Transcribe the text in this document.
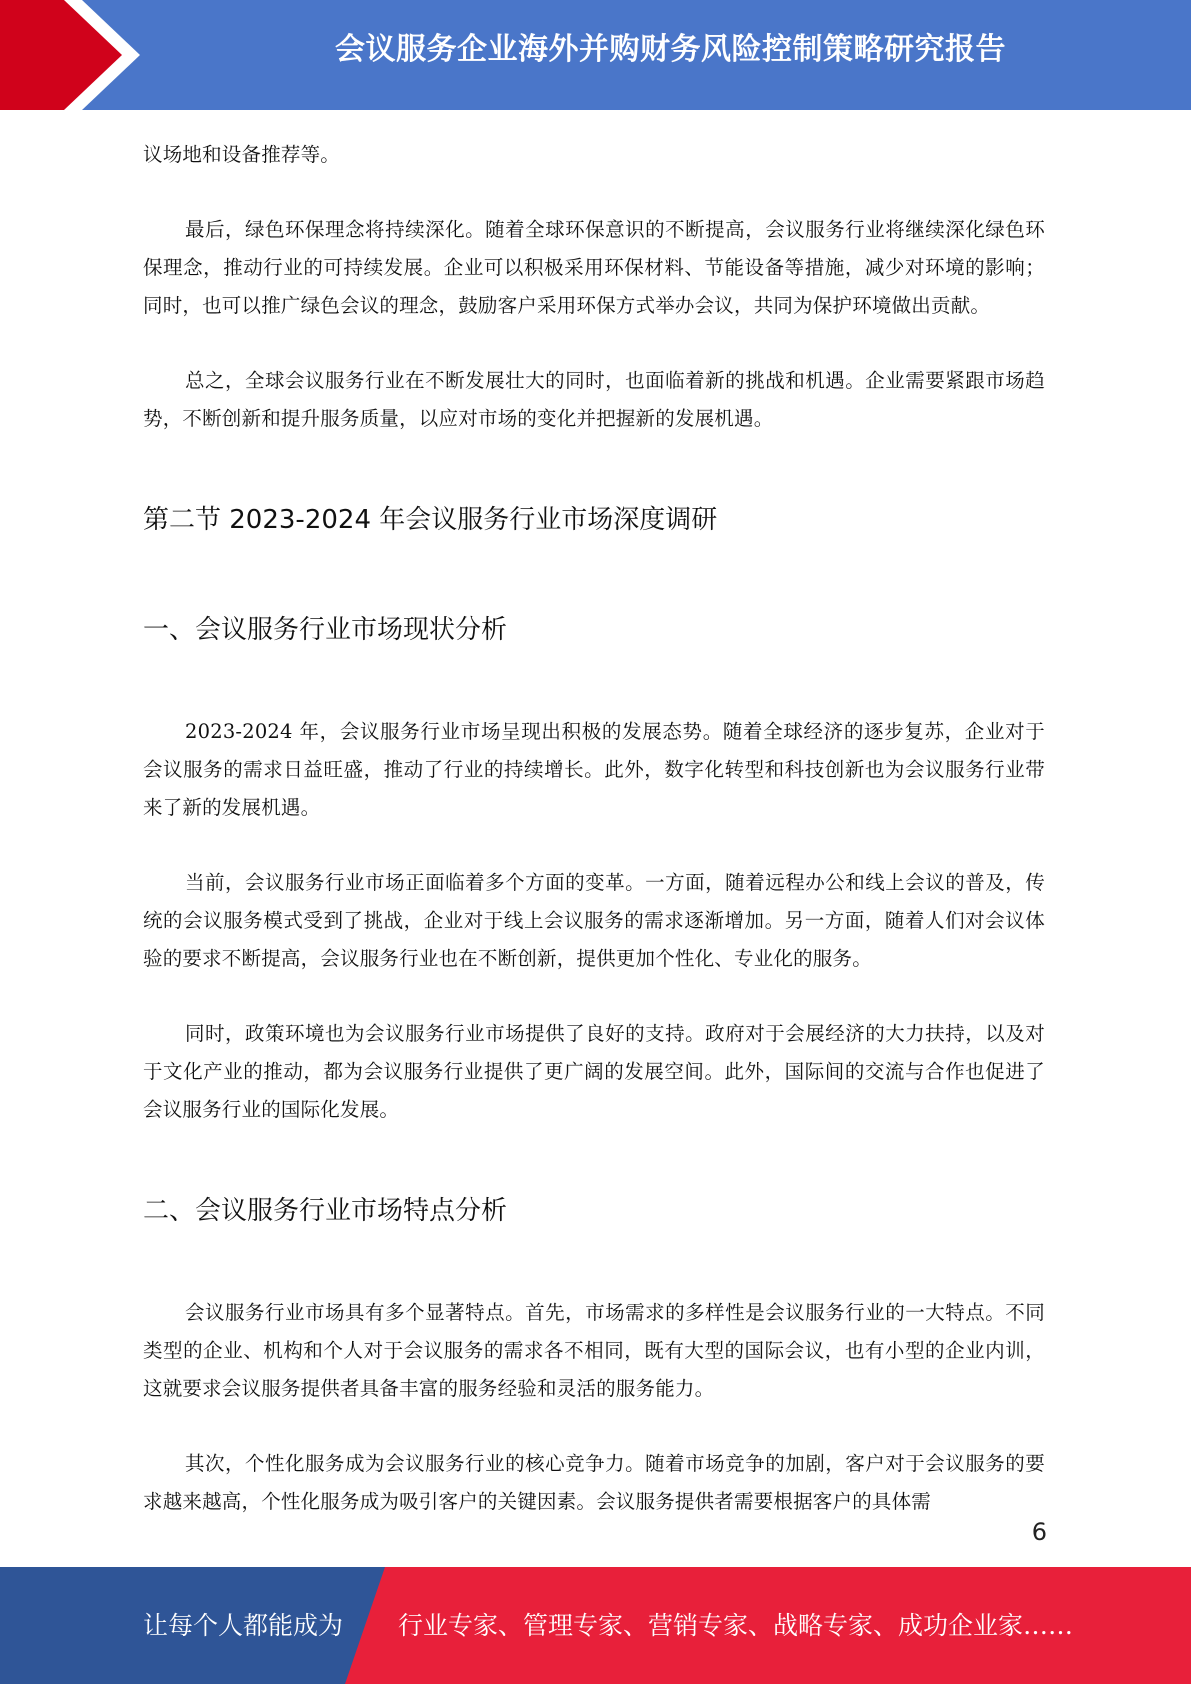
会议服务企业海外并购财务风险控制策略研究报告

议场地和设备推荐等。

最后，绿色环保理念将持续深化。随着全球环保意识的不断提高，会议服务行业将继续深化绿色环保理念，推动行业的可持续发展。企业可以积极采用环保材料、节能设备等措施，减少对环境的影响；同时，也可以推广绿色会议的理念，鼓励客户采用环保方式举办会议，共同为保护环境做出贡献。

总之，全球会议服务行业在不断发展壮大的同时，也面临着新的挑战和机遇。企业需要紧跟市场趋势，不断创新和提升服务质量，以应对市场的变化并把握新的发展机遇。

第二节 2023-2024 年会议服务行业市场深度调研
一、会议服务行业市场现状分析

2023-2024 年，会议服务行业市场呈现出积极的发展态势。随着全球经济的逐步复苏，企业对于会议服务的需求日益旺盛，推动了行业的持续增长。此外，数字化转型和科技创新也为会议服务行业带来了新的发展机遇。

当前，会议服务行业市场正面临着多个方面的变革。一方面，随着远程办公和线上会议的普及，传统的会议服务模式受到了挑战，企业对于线上会议服务的需求逐渐增加。另一方面，随着人们对会议体验的要求不断提高，会议服务行业也在不断创新，提供更加个性化、专业化的服务。

同时，政策环境也为会议服务行业市场提供了良好的支持。政府对于会展经济的大力扶持，以及对于文化产业的推动，都为会议服务行业提供了更广阔的发展空间。此外，国际间的交流与合作也促进了会议服务行业的国际化发展。

二、会议服务行业市场特点分析

会议服务行业市场具有多个显著特点。首先，市场需求的多样性是会议服务行业的一大特点。不同类型的企业、机构和个人对于会议服务的需求各不相同，既有大型的国际会议，也有小型的企业内训，这就要求会议服务提供者具备丰富的服务经验和灵活的服务能力。

其次，个性化服务成为会议服务行业的核心竞争力。随着市场竞争的加剧，客户对于会议服务的要求越来越高，个性化服务成为吸引客户的关键因素。会议服务提供者需要根据客户的具体需

6
让每个人都能成为 行业专家、管理专家、营销专家、战略专家、成功企业家……
